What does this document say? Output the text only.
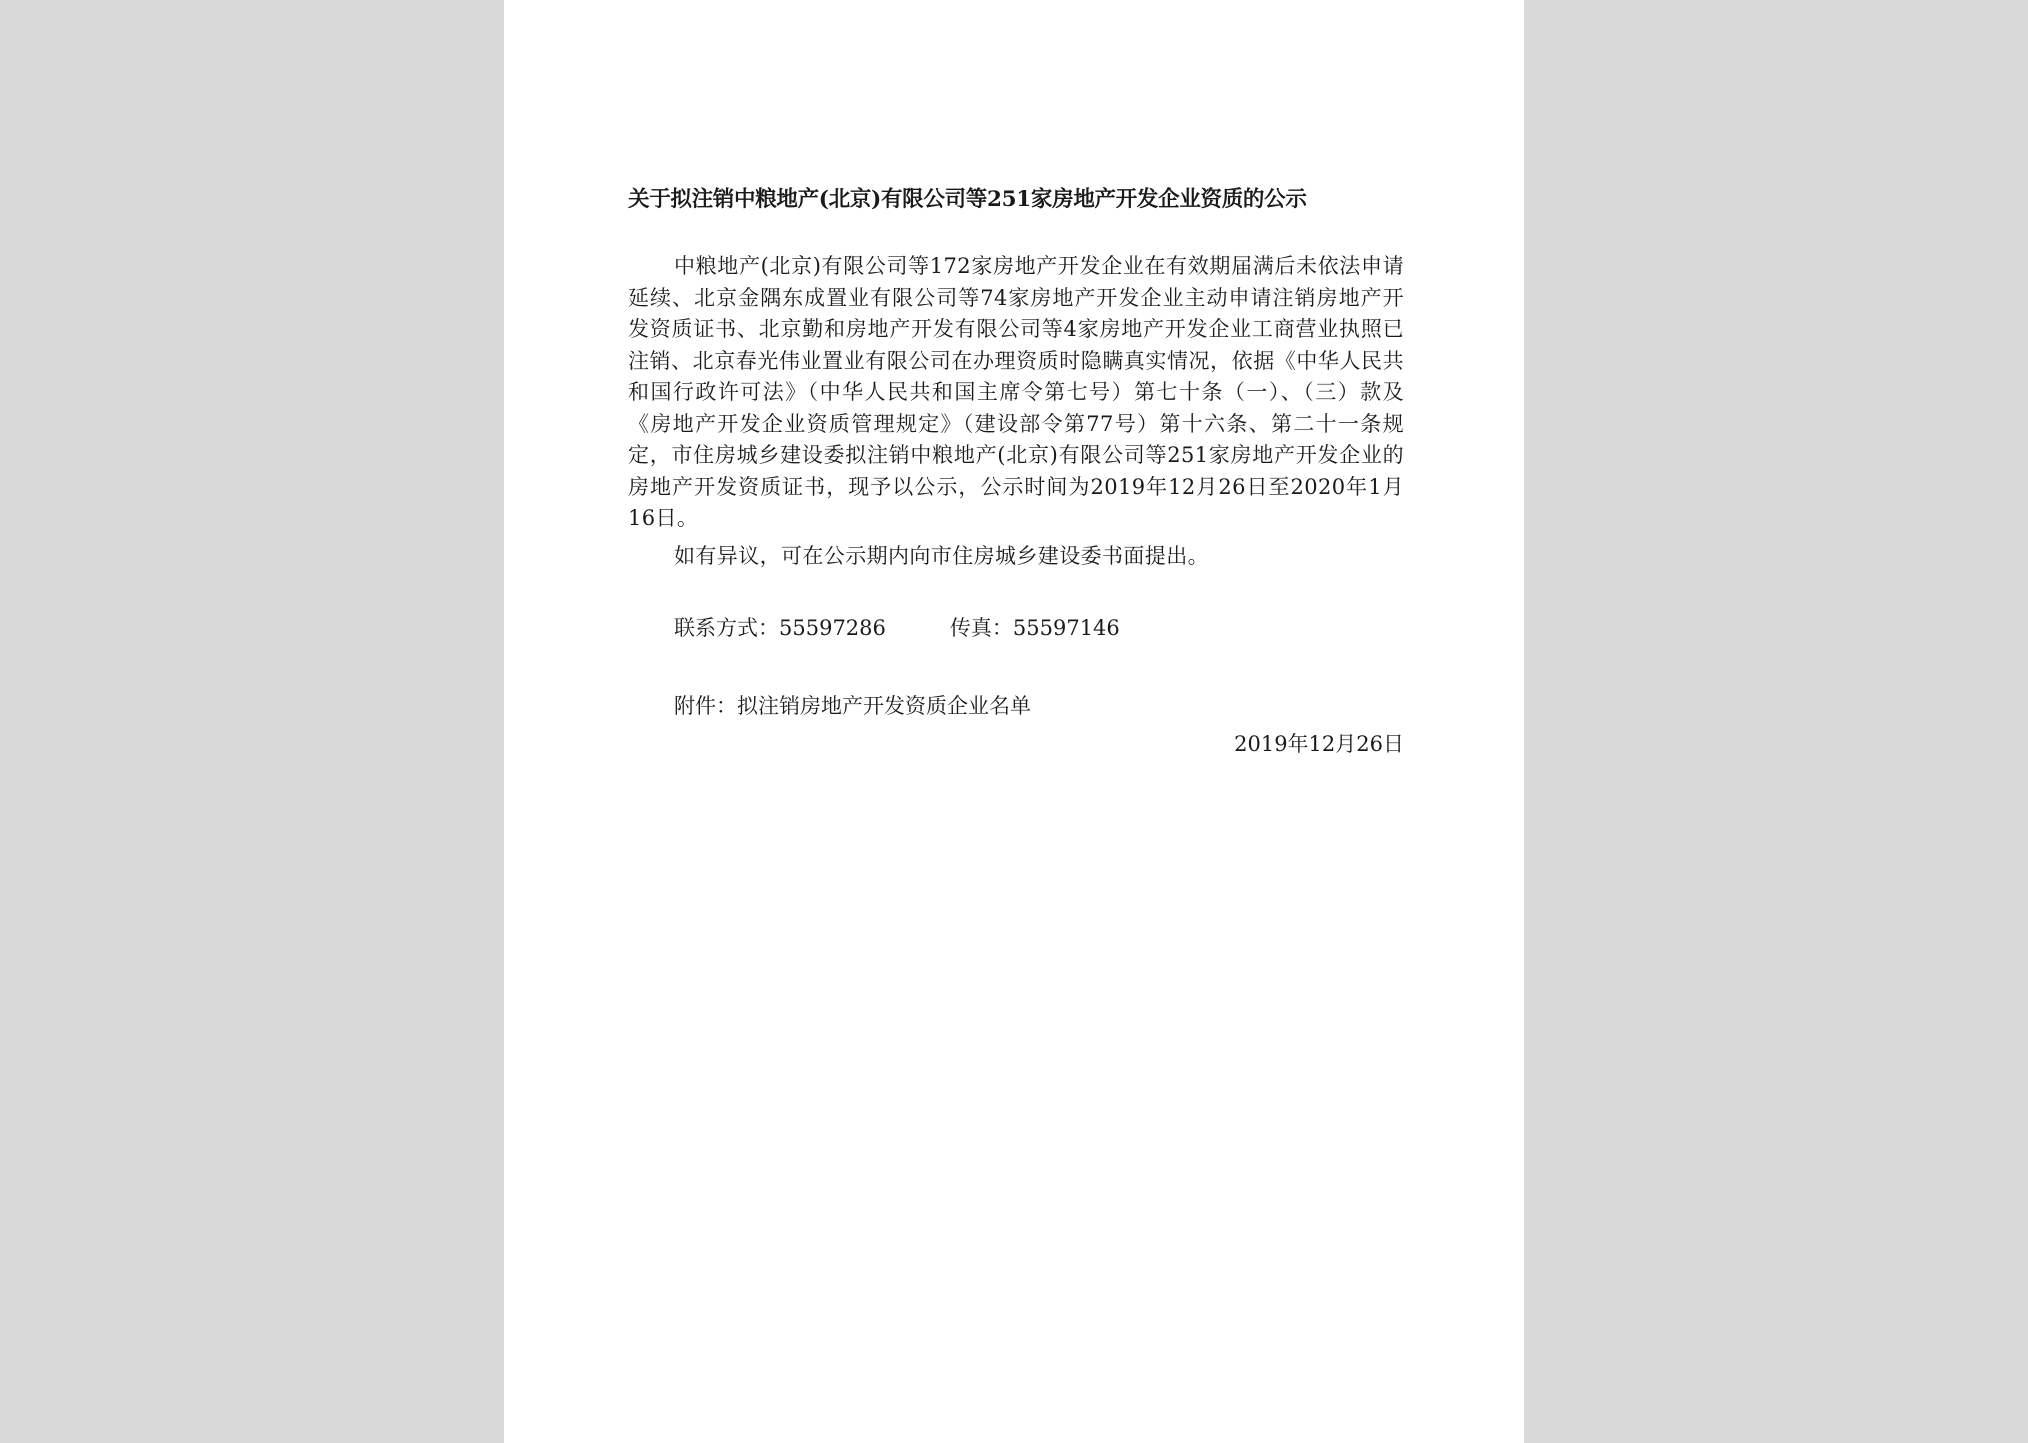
关于拟注销中粮地产(北京)有限公司等251家房地产开发企业资质的公示

中粮地产(北京)有限公司等172家房地产开发企业在有效期届满后未依法申请延续、北京金隅东成置业有限公司等74家房地产开发企业主动申请注销房地产开发资质证书、北京勤和房地产开发有限公司等4家房地产开发企业工商营业执照已注销、北京春光伟业置业有限公司在办理资质时隐瞒真实情况，依据《中华人民共和国行政许可法》（中华人民共和国主席令第七号）第七十条（一）、（三）款及《房地产开发企业资质管理规定》（建设部令第77号）第十六条、第二十一条规定，市住房城乡建设委拟注销中粮地产(北京)有限公司等251家房地产开发企业的房地产开发资质证书，现予以公示，公示时间为2019年12月26日至2020年1月16日。

如有异议，可在公示期内向市住房城乡建设委书面提出。

联系方式：55597286	传真：55597146
附件：拟注销房地产开发资质企业名单
2019年12月26日
